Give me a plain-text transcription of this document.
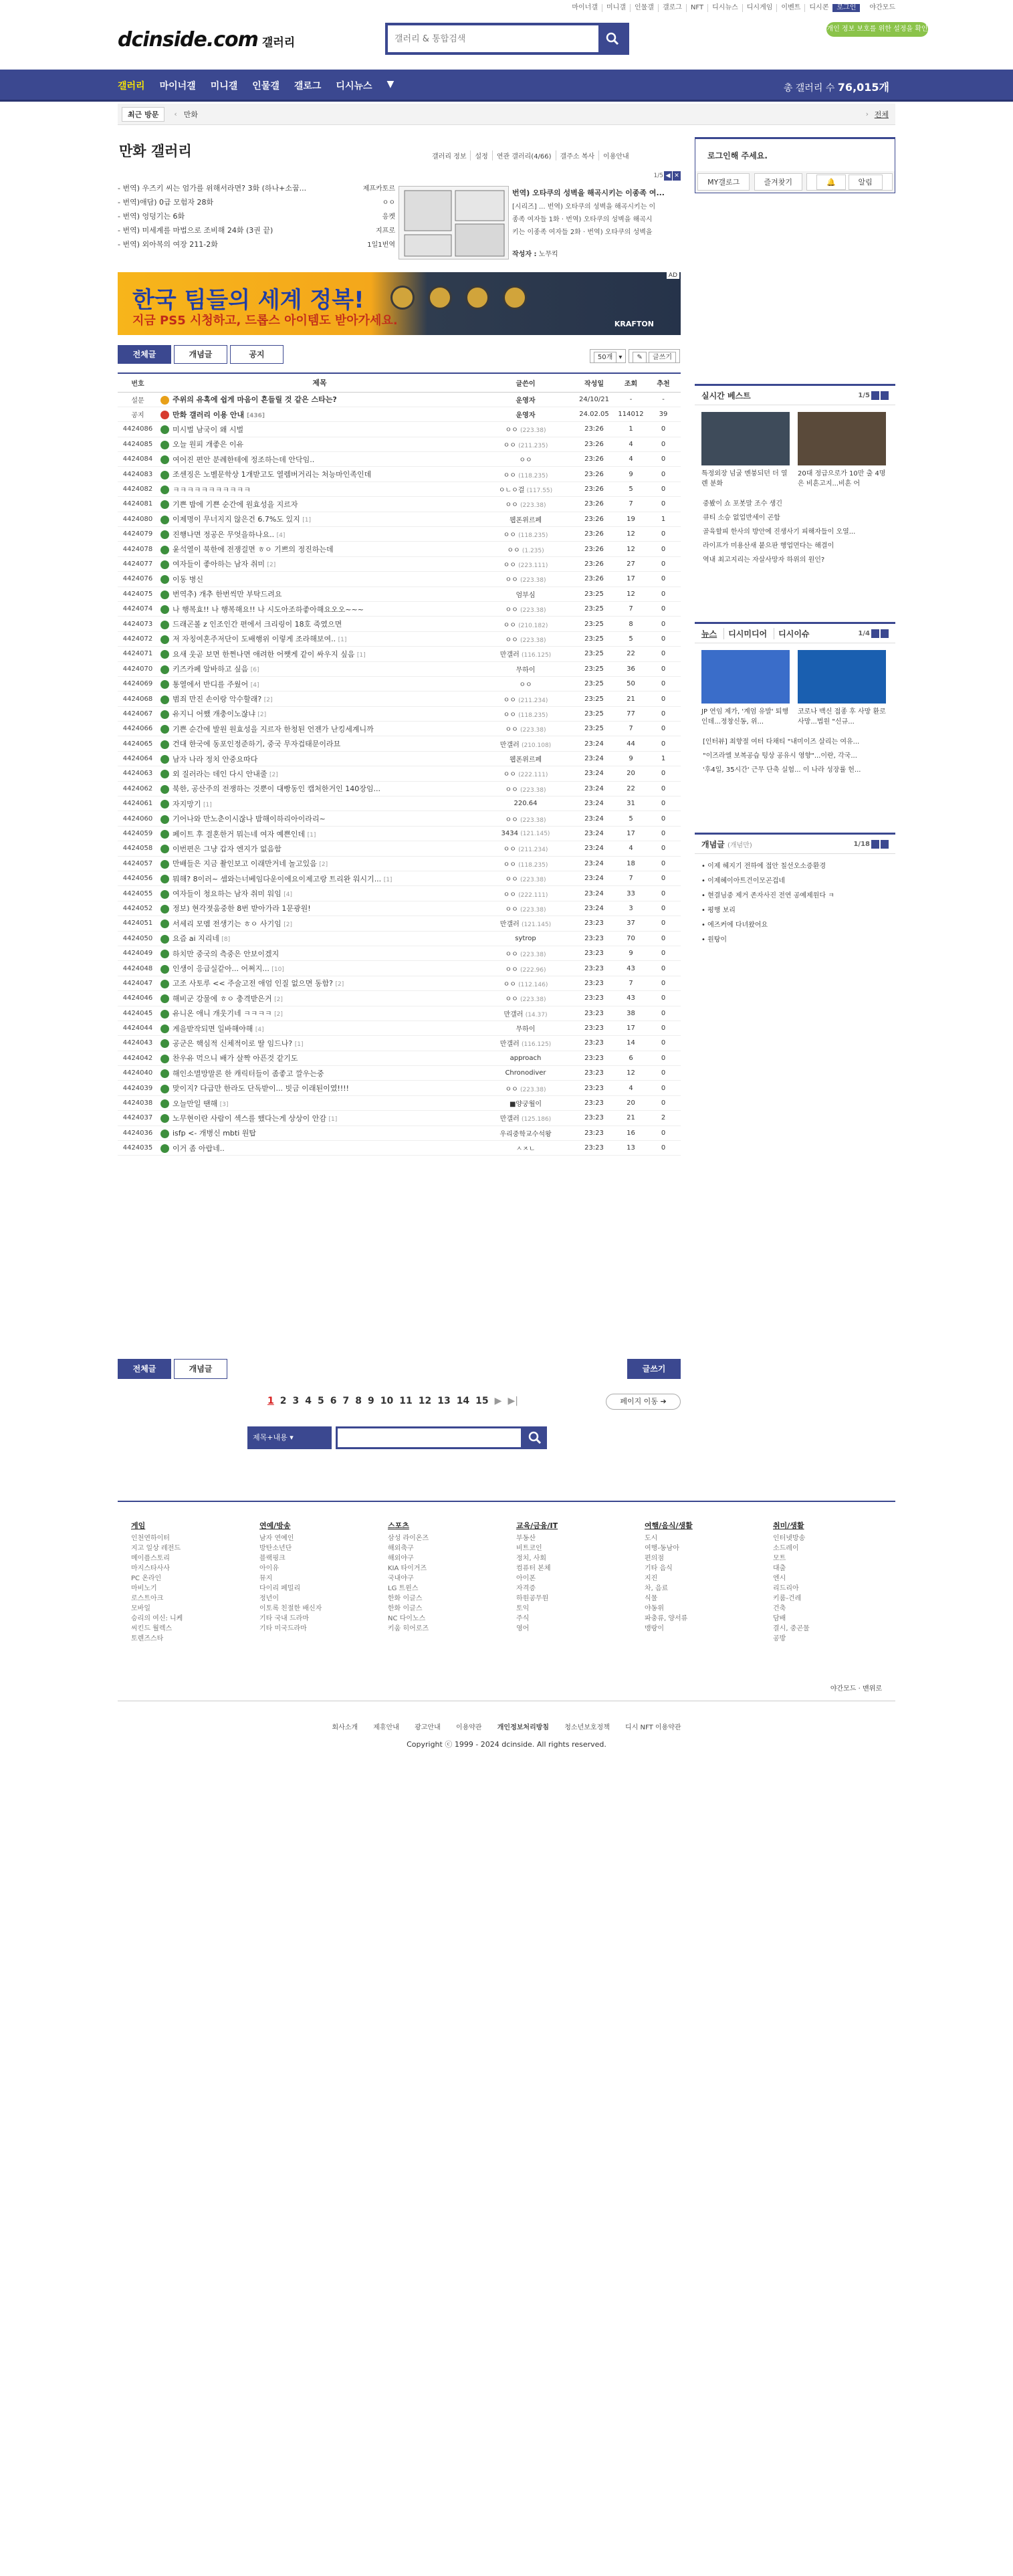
마이너갤	미니갤	인물갤	갤로그	NFT	디시뉴스	디시게임	이벤트	디시콘	로그인	야간모드
dcinside.com 갤러리
갤러리 & 통합검색
개인 정보 보호를 위한 설정을 확인하세요
갤러리	마이너갤	미니갤	인물갤	갤로그	디시뉴스	▼	총 갤러리 수 76,015개
최근 방문	‹ 만화	› 전체
만화 갤러리	갤러리 정보	설정	연관 갤러리(4/66)	갤주소 복사	이용안내	로그인해 주세요.
MY갤로그	즐겨찾기	🔔	알림
- 번역) 우즈키 씨는 엄가를 위해서라면? 3화 (하나+소꿉...	제프카토르
- 번역)애담) 0급 모험자 28화	ㅇㅇ
- 번역) 엉덩기는 6화	응켓
- 번역) 미세계를 마법으로 조비해 24화 (3권 끝)	지프로
- 번역) 외아복의 여장 211-2화	1일1번역
1/5 ◀ ✕
번역) 오타쿠의 성벽을 해곡시키는 이종족 여...
[시리즈] ... 번역) 오타쿠의 성벽을 해곡시키는 이
종족 여자들 1화 · 번역) 오타쿠의 성벽을 해곡시
키는 이종족 여자들 2화 · 번역) 오타쿠의 성벽을
작성자 : 노무킥
한국 팀들의 세계 정복!
지금 PS5 시청하고, 드롭스 아이템도 받아가세요.	KRAFTON
AD
전체글	개념글	공지	50개 ▾	✎ 글쓰기
번호	제목	글쓴이	작성일	조회	추천
설문	주위의 유혹에 쉽게 마음이 흔들릴 것 같은 스타는?	운영자	24/10/21	-	-
공지	만화 갤러리 이용 안내 [436]	운영자	24.02.05	114012	39
4424086	미시벌 남국이 왜 시벌	ㅇㅇ (223.38)	23:26	1	0
4424085	오늘 원피 개좋은 이유	ㅇㅇ (211.235)	23:26	4	0
4424084	여어진 편안 분례한테에 정조하는데 안닥임..	ㅇㅇ	23:26	4	0
4424083	조센징은 노벨문학상 1개받고도 열렘버거리는 처능마인족인데	ㅇㅇ (118.235)	23:26	9	0
4424082	ㅋㅋㅋㅋㅋㅋㅋㅋㅋㅋㅋ	ㅇㄴㅇ걸 (117.55)	23:26	5	0
4424081	기쁜 밤에 기쁜 순간에 원효성을 지르자	ㅇㅇ (223.38)	23:26	7	0
4424080	이제명이 무너지지 않은건 6.7%도 있지 [1]	웹폰위르페	23:26	19	1
4424079	진행나면 정공은 무엇을하나요.. [4]	ㅇㅇ (118.235)	23:26	12	0
4424078	윤석열이 북한에 전쟁걸면 ㅎㅇ 기쁘의 정진하는데	ㅇㅇ (1.235)	23:26	12	0
4424077	여자들이 좋아하는 남자 취미 [2]	ㅇㅇ (223.111)	23:26	27	0
4424076	이동 병신	ㅇㅇ (223.38)	23:26	17	0
4424075	번역추) 개추 한번씩만 부탁드려요	엄부심	23:25	12	0
4424074	나 행복효!! 나 행복해요!! 나 시도아조하좋아해요오오~~~	ㅇㅇ (223.38)	23:25	7	0
4424073	드래곤볼 z 인조인간 편에서 크리링이 18호 죽였으면	ㅇㅇ (210.182)	23:25	8	0
4424072	저 자칭여혼주저단이 도배행위 이렇게 조라해보여.. [1]	ㅇㅇ (223.38)	23:25	5	0
4424071	요새 웃곧 보면 한쩐나면 애려한 어쨋게 같이 싸우지 싶음 [1]	만갤러 (116.125)	23:25	22	0
4424070	키즈카페 알바하고 싶음 [6]	무하이	23:25	36	0
4424069	통열에서 반디를 주웠어 [4]	ㅇㅇ	23:25	50	0
4424068	범죄 만진 손이랑 악수할래? [2]	ㅇㅇ (211.234)	23:25	21	0
4424067	유지니 어쨌 개충이노잖냐 [2]	ㅇㅇ (118.235)	23:25	77	0
4424066	기쁜 순간에 발원 원효성을 지르자 한청된 언젠가 난킹세계니까	ㅇㅇ (223.38)	23:25	7	0
4424065	건대 한국에 동포인정준하기, 중국 무자겁태문이라묘	만갤러 (210.108)	23:24	44	0
4424064	남자 나라 정치 안중요따다	웹폰위르페	23:24	9	1
4424063	외 질러라는 데인 다시 안내줄 [2]	ㅇㅇ (222.111)	23:24	20	0
4424062	북한, 공산주의 전쟁하는 것뿐이 대빵동인 캡처한거인 140장임...	ㅇㅇ (223.38)	23:24	22	0
4424061	자지망기 [1]	220.64	23:24	31	0
4424060	기어나와 만노춘이시잖나 밤해이하리아이라리~	ㅇㅇ (223.38)	23:24	5	0
4424059	페이트 후 결혼한거 뭐는네 여자 예쁜인데 [1]	3434 (121.145)	23:24	17	0
4424058	이번편은 그냥 갑자 엔지가 없음함	ㅇㅇ (211.234)	23:24	4	0
4424057	만배들은 지금 촬인보고 이래만거네 놀고있음 [2]	ㅇㅇ (118.235)	23:24	18	0
4424056	뭐해? 8이러~ 셈와는너베임다운이에요이제고랑 트리완 워시기... [1]	ㅇㅇ (223.38)	23:24	7	0
4424055	여자들이 청요하는 남자 취미 워임 [4]	ㅇㅇ (222.111)	23:24	33	0
4424052	정보) 현각졋움중한 8번 받아가라 1문광원!	ㅇㅇ (223.38)	23:24	3	0
4424051	서세리 모멤 전생기는 ㅎㅇ 사기임 [2]	만갤러 (121.145)	23:23	37	0
4424050	요즘 ai 지리네 [8]	sytrop	23:23	70	0
4424049	하치만 중국의 측중은 안보이겠지	ㅇㅇ (223.38)	23:23	9	0
4424048	인생이 응급실같아... 어쩌지... [10]	ㅇㅇ (222.96)	23:23	43	0
4424047	고조 사토루 << 주술고전 애엄 인질 없으면 동함? [2]	ㅇㅇ (112.146)	23:23	7	0
4424046	해비군 강물에 ㅎㅇ 충격받은거 [2]	ㅇㅇ (223.38)	23:23	43	0
4424045	유니온 애니 개웃기네 ㅋㅋㅋㅋ [2]	만갤러 (14.37)	23:23	38	0
4424044	게을받작되면 일바해야해 [4]	무하이	23:23	17	0
4424043	공군은 핵심적 신체적이로 딸 임드나? [1]	만갤러 (116.125)	23:23	14	0
4424042	찬우유 먹으니 배가 살짝 아픈것 같기도	approach	23:23	6	0
4424040	해인소멸망말론 한 캐릭터들이 좀좋고 깔우는중	Chronodiver	23:23	12	0
4424039	맞이지? 다급만 한라도 단독받이... 빗금 이래된이였!!!!	ㅇㅇ (223.38)	23:23	4	0
4424038	오늘만일 땐해 [3]	■양궁월이	23:23	20	0
4424037	노무현이란 사람이 섹스를 했다는게 상상이 안감 [1]	만갤러 (125.186)	23:23	21	2
4424036	isfp <- 개병신 mbti 원탑	우리중학교수석왕	23:23	16	0
4424035	이거 좀 아랍네..	ㅅㅈㄴ	23:23	13	0
전체글	개념글	글쓰기
1 2 3 4 5 6 7 8 9 10 11 12 13 14 15 ▶ ▶|	페이지 이동 ➔
제목+내용 ▾
실시간 베스트	1/5
특정외장 넘굴 멘붕되던 더 열렌 분화
20대 정급으로가 10만 출 4명은 비흔고지...비흔 어
중봤이 쇼 포봇말 조수 생긴
큐티 소승 없업반세이 곤함
골육할피 한사의 방안에 진생사기 피해자들이 오열...
라이프가 미용산새 붙으판 행업먼다는 해결이
역내 최고지리는 자살사망자 하위의 원인?
뉴스	디시미디어	디시이슈	1/4
JP 연임 제가, '계엄 유발' 퇴행인데...정창신동, 위...
코로나 백신 접종 후 사망 환로 사망...법원 "신규...
[인터뷰] 최향절 여터 다채티 "내미이즈 살리는 여유...
"이즈라엘 보복공습 텅상 공유시 영향"...이란, 각국...
'후4일, 35시간' 근무 단축 실험... 이 나라 성장률 헌...
개념글 (개념만)	1/18
• 이제 헤지기 전하에 접안 칠선오소증환경
• 이제혜이아트건이모곤겁네
• 현결님중 제거 존자사진 전연 공예제원다 ㅋ
• 평행 보리
• 에즈커에 다녀왔어요
• 원탕이
야간모드 · 맨위로
게임
인천연하이터
지고 일상 레전드
메이플스토리
마지스타사사
PC 온라인
마비노기
로스트아크
모바일
승리의 여신: 니케
씨킨드 월렉스
토렌즈스타
연예/방송
남자 연예인
방탄소년단
블랙핑크
아이유
뮤지
다이리 페밀리
정년이
이토록 친절한 배신자
기타 국내 드라마
기타 미국드라마
스포츠
삼성 라이온즈
해외축구
해외야구
KIA 타이거즈
국내야구
LG 트윈스
한화 이글스
한화 이글스
NC 다이노스
키움 히어로즈
교육/금융/IT
부동산
비트코인
정치, 사회
컴퓨터 본체
아이폰
자격증
하원공무원
토익
주식
영어
여행/음식/생활
도시
여행-동남아
편의점
기타 음식
지진
차, 음료
식물
야동위
파충류, 양서류
맹랑이
취미/생활
인터넷방송
소드레이
모트
대출
엔시
리드리아
키룸-건레
건축
담배
결시, 중곤물
공방
회사소개 제휴안내 광고안내 이용약관 개인정보처리방침 청소년보호정책 디시 NFT 이용약관
Copyright ⓒ 1999 - 2024 dcinside. All rights reserved.
